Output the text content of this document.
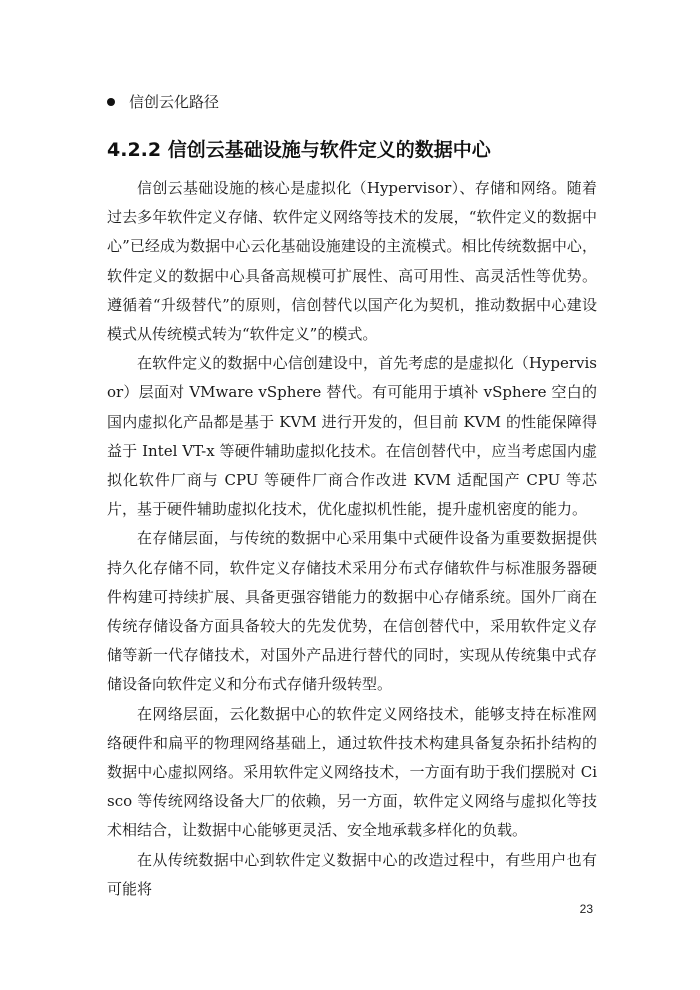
信创云化路径
4.2.2 信创云基础设施与软件定义的数据中心

信创云基础设施的核心是虚拟化（Hypervisor）、存储和网络。随着过去多年软件定义存储、软件定义网络等技术的发展，“软件定义的数据中心”已经成为数据中心云化基础设施建设的主流模式。相比传统数据中心，软件定义的数据中心具备高规模可扩展性、高可用性、高灵活性等优势。遵循着“升级替代”的原则，信创替代以国产化为契机，推动数据中心建设模式从传统模式转为“软件定义”的模式。

在软件定义的数据中心信创建设中，首先考虑的是虚拟化（Hypervisor）层面对 VMware vSphere 替代。有可能用于填补 vSphere 空白的国内虚拟化产品都是基于 KVM 进行开发的，但目前 KVM 的性能保障得益于 Intel VT-x 等硬件辅助虚拟化技术。在信创替代中，应当考虑国内虚拟化软件厂商与 CPU 等硬件厂商合作改进 KVM 适配国产 CPU 等芯片，基于硬件辅助虚拟化技术，优化虚拟机性能，提升虚机密度的能力。

在存储层面，与传统的数据中心采用集中式硬件设备为重要数据提供持久化存储不同，软件定义存储技术采用分布式存储软件与标准服务器硬件构建可持续扩展、具备更强容错能力的数据中心存储系统。国外厂商在传统存储设备方面具备较大的先发优势，在信创替代中，采用软件定义存储等新一代存储技术，对国外产品进行替代的同时，实现从传统集中式存储设备向软件定义和分布式存储升级转型。

在网络层面，云化数据中心的软件定义网络技术，能够支持在标准网络硬件和扁平的物理网络基础上，通过软件技术构建具备复杂拓扑结构的数据中心虚拟网络。采用软件定义网络技术，一方面有助于我们摆脱对 Cisco 等传统网络设备大厂的依赖，另一方面，软件定义网络与虚拟化等技术相结合，让数据中心能够更灵活、安全地承载多样化的负载。

在从传统数据中心到软件定义数据中心的改造过程中，有些用户也有可能将

23
